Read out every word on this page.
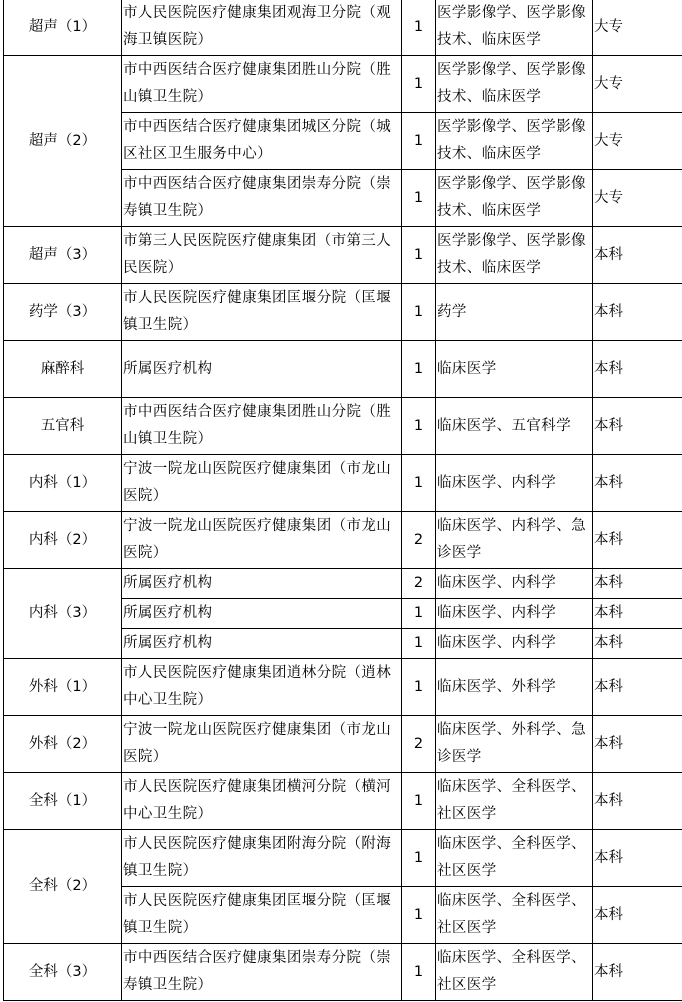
超声（1）	市人民医院医疗健康集团观海卫分院（观海卫镇医院）	1	医学影像学、医学影像技术、临床医学	大专
超声（2）	市中西医结合医疗健康集团胜山分院（胜山镇卫生院）	1	医学影像学、医学影像技术、临床医学	大专
	市中西医结合医疗健康集团城区分院（城区社区卫生服务中心）	1	医学影像学、医学影像技术、临床医学	大专
	市中西医结合医疗健康集团崇寿分院（崇寿镇卫生院）	1	医学影像学、医学影像技术、临床医学	大专
超声（3）	市第三人民医院医疗健康集团（市第三人民医院）	1	医学影像学、医学影像技术、临床医学	本科
药学（3）	市人民医院医疗健康集团匡堰分院（匡堰镇卫生院）	1	药学	本科
麻醉科	所属医疗机构	1	临床医学	本科
五官科	市中西医结合医疗健康集团胜山分院（胜山镇卫生院）	1	临床医学、五官科学	本科
内科（1）	宁波一院龙山医院医疗健康集团（市龙山医院）	1	临床医学、内科学	本科
内科（2）	宁波一院龙山医院医疗健康集团（市龙山医院）	2	临床医学、内科学、急诊医学	本科
内科（3）	所属医疗机构	2	临床医学、内科学	本科
	所属医疗机构	1	临床医学、内科学	本科
	所属医疗机构	1	临床医学、内科学	本科
外科（1）	市人民医院医疗健康集团逍林分院（逍林中心卫生院）	1	临床医学、外科学	本科
外科（2）	宁波一院龙山医院医疗健康集团（市龙山医院）	2	临床医学、外科学、急诊医学	本科
全科（1）	市人民医院医疗健康集团横河分院（横河中心卫生院）	1	临床医学、全科医学、社区医学	本科
全科（2）	市人民医院医疗健康集团附海分院（附海镇卫生院）	1	临床医学、全科医学、社区医学	本科
	市人民医院医疗健康集团匡堰分院（匡堰镇卫生院）	1	临床医学、全科医学、社区医学	本科
全科（3）	市中西医结合医疗健康集团崇寿分院（崇寿镇卫生院）	1	临床医学、全科医学、社区医学	本科
